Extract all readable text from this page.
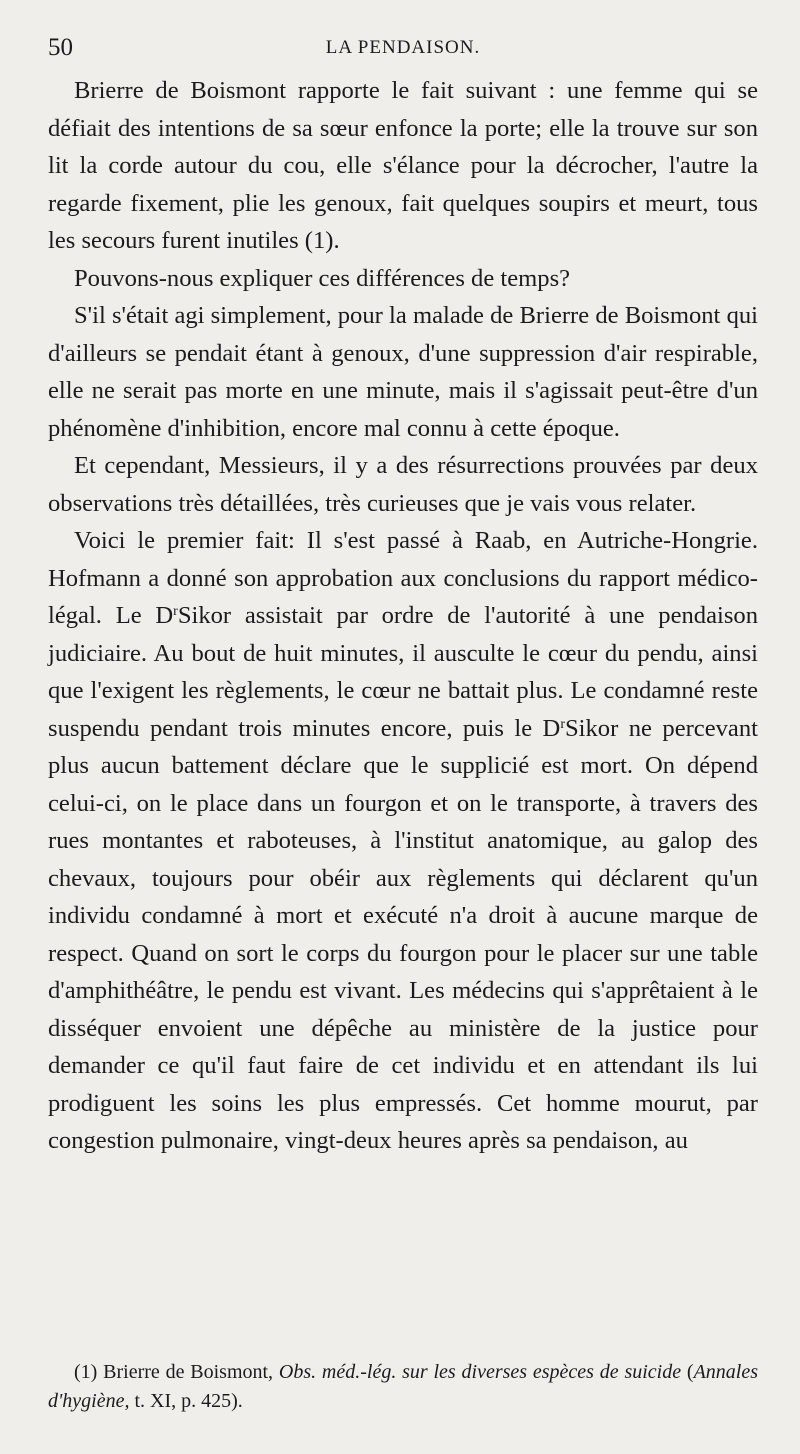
50	LA PENDAISON.

Brierre de Boismont rapporte le fait suivant : une femme qui se défiait des intentions de sa sœur enfonce la porte; elle la trouve sur son lit la corde autour du cou, elle s'élance pour la décrocher, l'autre la regarde fixement, plie les genoux, fait quelques soupirs et meurt, tous les secours furent inutiles (1).

Pouvons-nous expliquer ces différences de temps?

S'il s'était agi simplement, pour la malade de Brierre de Boismont qui d'ailleurs se pendait étant à genoux, d'une suppression d'air respirable, elle ne serait pas morte en une minute, mais il s'agissait peut-être d'un phénomène d'inhibition, encore mal connu à cette époque.

Et cependant, Messieurs, il y a des résurrections prouvées par deux observations très détaillées, très curieuses que je vais vous relater.

Voici le premier fait: Il s'est passé à Raab, en Autriche-Hongrie. Hofmann a donné son approbation aux conclusions du rapport médico-légal. Le $D^rSikor$ assistait par ordre de l'autorité à une pendaison judiciaire. Au bout de huit minutes, il ausculte le cœur du pendu, ainsi que l'exigent les règlements, le cœur ne battait plus. Le condamné reste suspendu pendant trois minutes encore, puis le $D^rSikor$ ne percevant plus aucun battement déclare que le supplicié est mort. On dépend celui-ci, on le place dans un fourgon et on le transporte, à travers des rues montantes et raboteuses, à l'institut anatomique, au galop des chevaux, toujours pour obéir aux règlements qui déclarent qu'un individu condamné à mort et exécuté n'a droit à aucune marque de respect. Quand on sort le corps du fourgon pour le placer sur une table d'amphithéâtre, le pendu est vivant. Les médecins qui s'apprêtaient à le disséquer envoient une dépêche au ministère de la justice pour demander ce qu'il faut faire de cet individu et en attendant ils lui prodiguent les soins les plus empressés. Cet homme mourut, par congestion pulmonaire, vingt-deux heures après sa pendaison, au

(1) Brierre de Boismont, Obs. méd.-lég. sur les diverses espèces de suicide (Annales d'hygiène, t. XI, p. 425).
